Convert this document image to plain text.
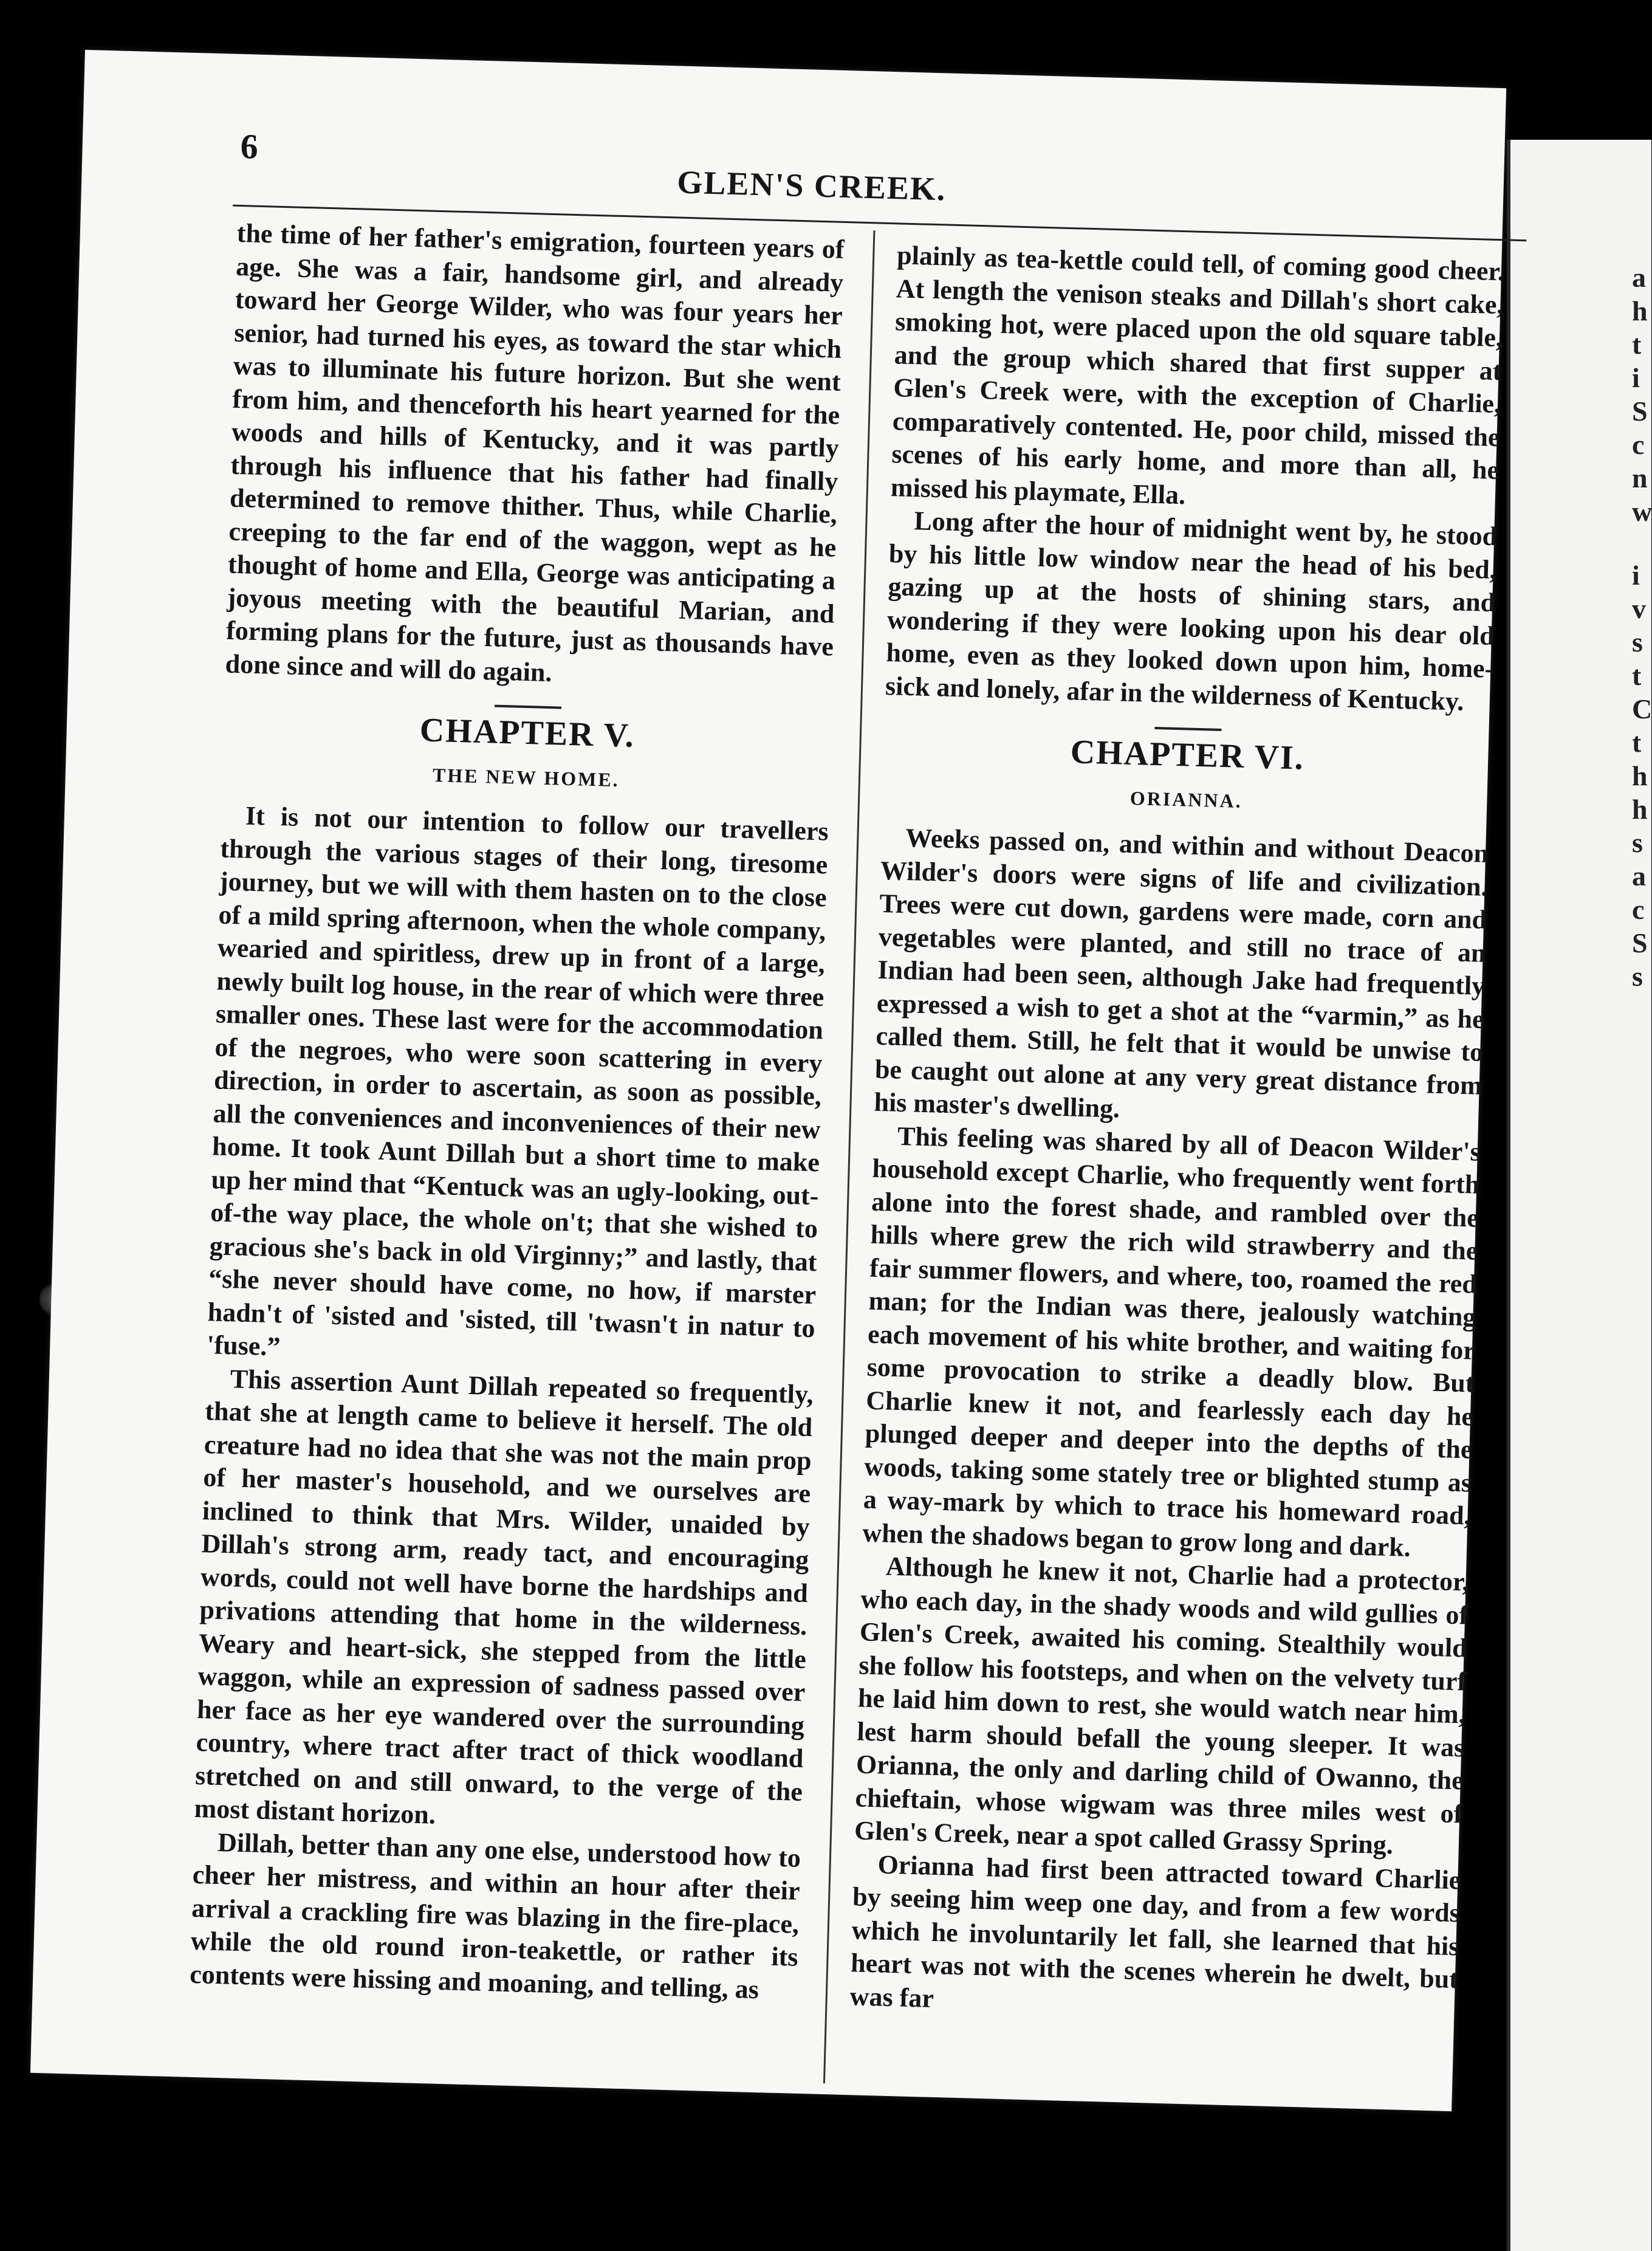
a
h
t
i
S
c
n
w
i
v
s
t
C
t
h
h
s
a
c
S
s
6
GLEN'S CREEK.

the time of her father's emigration, fourteen years of age. She was a fair, handsome girl, and already toward her George Wilder, who was four years her senior, had turned his eyes, as toward the star which was to illuminate his future horizon. But she went from him, and thenceforth his heart yearned for the woods and hills of Kentucky, and it was partly through his influence that his father had finally determined to remove thither. Thus, while Charlie, creeping to the far end of the waggon, wept as he thought of home and Ella, George was anticipating a joyous meeting with the beautiful Marian, and forming plans for the future, just as thousands have done since and will do again.

CHAPTER V.
THE NEW HOME.

It is not our intention to follow our travellers through the various stages of their long, tiresome journey, but we will with them hasten on to the close of a mild spring afternoon, when the whole company, wearied and spiritless, drew up in front of a large, newly built log house, in the rear of which were three smaller ones. These last were for the accommodation of the negroes, who were soon scattering in every direction, in order to ascertain, as soon as possible, all the conveniences and inconveniences of their new home. It took Aunt Dillah but a short time to make up her mind that “Kentuck was an ugly-looking, out-of-the way place, the whole on't; that she wished to gracious she's back in old Virginny;” and lastly, that “she never should have come, no how, if marster hadn't of 'sisted and 'sisted, till 'twasn't in natur to 'fuse.”

This assertion Aunt Dillah repeated so frequently, that she at length came to believe it herself. The old creature had no idea that she was not the main prop of her master's household, and we ourselves are inclined to think that Mrs. Wilder, unaided by Dillah's strong arm, ready tact, and encouraging words, could not well have borne the hardships and privations attending that home in the wilderness. Weary and heart-sick, she stepped from the little waggon, while an expression of sadness passed over her face as her eye wandered over the surrounding country, where tract after tract of thick woodland stretched on and still onward, to the verge of the most distant horizon.

Dillah, better than any one else, understood how to cheer her mistress, and within an hour after their arrival a crackling fire was blazing in the fire-place, while the old round iron-teakettle, or rather its contents were hissing and moaning, and telling, as

plainly as tea-kettle could tell, of coming good cheer. At length the venison steaks and Dillah's short cake, smoking hot, were placed upon the old square table, and the group which shared that first supper at Glen's Creek were, with the exception of Charlie, comparatively contented. He, poor child, missed the scenes of his early home, and more than all, he missed his playmate, Ella.

Long after the hour of midnight went by, he stood by his little low window near the head of his bed, gazing up at the hosts of shining stars, and wondering if they were looking upon his dear old home, even as they looked down upon him, home-sick and lonely, afar in the wilderness of Kentucky.

CHAPTER VI.
ORIANNA.

Weeks passed on, and within and without Deacon Wilder's doors were signs of life and civilization. Trees were cut down, gardens were made, corn and vegetables were planted, and still no trace of an Indian had been seen, although Jake had frequently expressed a wish to get a shot at the “varmin,” as he called them. Still, he felt that it would be unwise to be caught out alone at any very great distance from his master's dwelling.

This feeling was shared by all of Deacon Wilder's household except Charlie, who frequently went forth alone into the forest shade, and rambled over the hills where grew the rich wild strawberry and the fair summer flowers, and where, too, roamed the red man; for the Indian was there, jealously watching each movement of his white brother, and waiting for some provocation to strike a deadly blow. But Charlie knew it not, and fearlessly each day he plunged deeper and deeper into the depths of the woods, taking some stately tree or blighted stump as a way-mark by which to trace his homeward road, when the shadows began to grow long and dark.

Although he knew it not, Charlie had a protector, who each day, in the shady woods and wild gullies of Glen's Creek, awaited his coming. Stealthily would she follow his footsteps, and when on the velvety turf he laid him down to rest, she would watch near him, lest harm should befall the young sleeper. It was Orianna, the only and darling child of Owanno, the chieftain, whose wigwam was three miles west of Glen's Creek, near a spot called Grassy Spring.

Orianna had first been attracted toward Charlie by seeing him weep one day, and from a few words which he involuntarily let fall, she learned that his heart was not with the scenes wherein he dwelt, but was far
